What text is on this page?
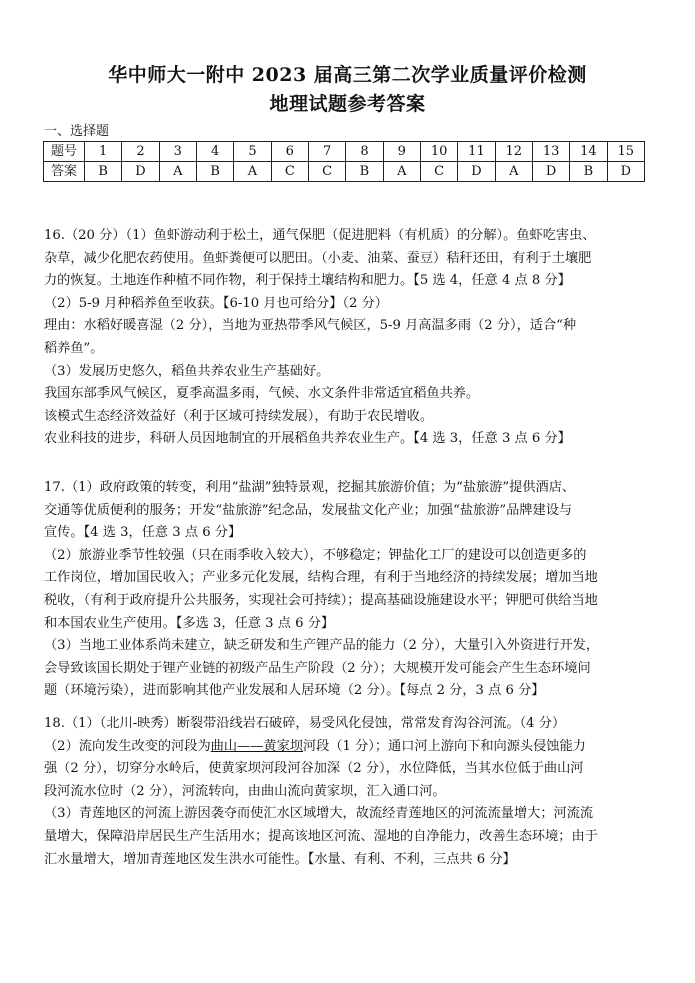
华中师大一附中 2023 届高三第二次学业质量评价检测
地理试题参考答案
一、选择题
题号	1	2	3	4	5	6	7	8	9	10	11	12	13	14	15
答案	B	D	A	B	A	C	C	B	A	C	D	A	D	B	D

16.（20 分）（1）鱼虾游动利于松土，通气保肥（促进肥料（有机质）的分解）。鱼虾吃害虫、

杂草，减少化肥农药使用。鱼虾粪便可以肥田。（小麦、油菜、蚕豆）秸秆还田，有利于土壤肥

力的恢复。土地连作种植不同作物，利于保持土壤结构和肥力。【5 选 4，任意 4 点 8 分】

（2）5-9 月种稻养鱼至收获。【6-10 月也可给分】（2 分）

理由：水稻好暖喜湿（2 分），当地为亚热带季风气候区，5-9 月高温多雨（2 分），适合“种

稻养鱼”。

（3）发展历史悠久，稻鱼共养农业生产基础好。

我国东部季风气候区，夏季高温多雨，气候、水文条件非常适宜稻鱼共养。

该模式生态经济效益好（利于区域可持续发展），有助于农民增收。

农业科技的进步，科研人员因地制宜的开展稻鱼共养农业生产。【4 选 3，任意 3 点 6 分】

17.（1）政府政策的转变，利用“盐湖”独特景观，挖掘其旅游价值；为“盐旅游”提供酒店、

交通等优质便利的服务；开发“盐旅游”纪念品，发展盐文化产业；加强“盐旅游”品牌建设与

宣传。【4 选 3，任意 3 点 6 分】

（2）旅游业季节性较强（只在雨季收入较大），不够稳定；钾盐化工厂的建设可以创造更多的

工作岗位，增加国民收入；产业多元化发展，结构合理，有利于当地经济的持续发展；增加当地

税收，（有利于政府提升公共服务，实现社会可持续）；提高基础设施建设水平；钾肥可供给当地

和本国农业生产使用。【多选 3，任意 3 点 6 分】

（3）当地工业体系尚未建立，缺乏研发和生产锂产品的能力（2 分），大量引入外资进行开发，

会导致该国长期处于锂产业链的初级产品生产阶段（2 分）；大规模开发可能会产生生态环境问

题（环境污染），进而影响其他产业发展和人居环境（2 分）。【每点 2 分，3 点 6 分】

18.（1）（北川-映秀）断裂带沿线岩石破碎，易受风化侵蚀，常常发育沟谷河流。（4 分）

（2）流向发生改变的河段为曲山——黄家坝河段（1 分）；通口河上游向下和向源头侵蚀能力

强（2 分），切穿分水岭后，使黄家坝河段河谷加深（2 分），水位降低，当其水位低于曲山河

段河流水位时（2 分），河流转向，由曲山流向黄家坝，汇入通口河。

（3）青莲地区的河流上游因袭夺而使汇水区域增大，故流经青莲地区的河流流量增大；河流流

量增大，保障沿岸居民生产生活用水；提高该地区河流、湿地的自净能力，改善生态环境；由于

汇水量增大，增加青莲地区发生洪水可能性。【水量、有利、不利，三点共 6 分】
